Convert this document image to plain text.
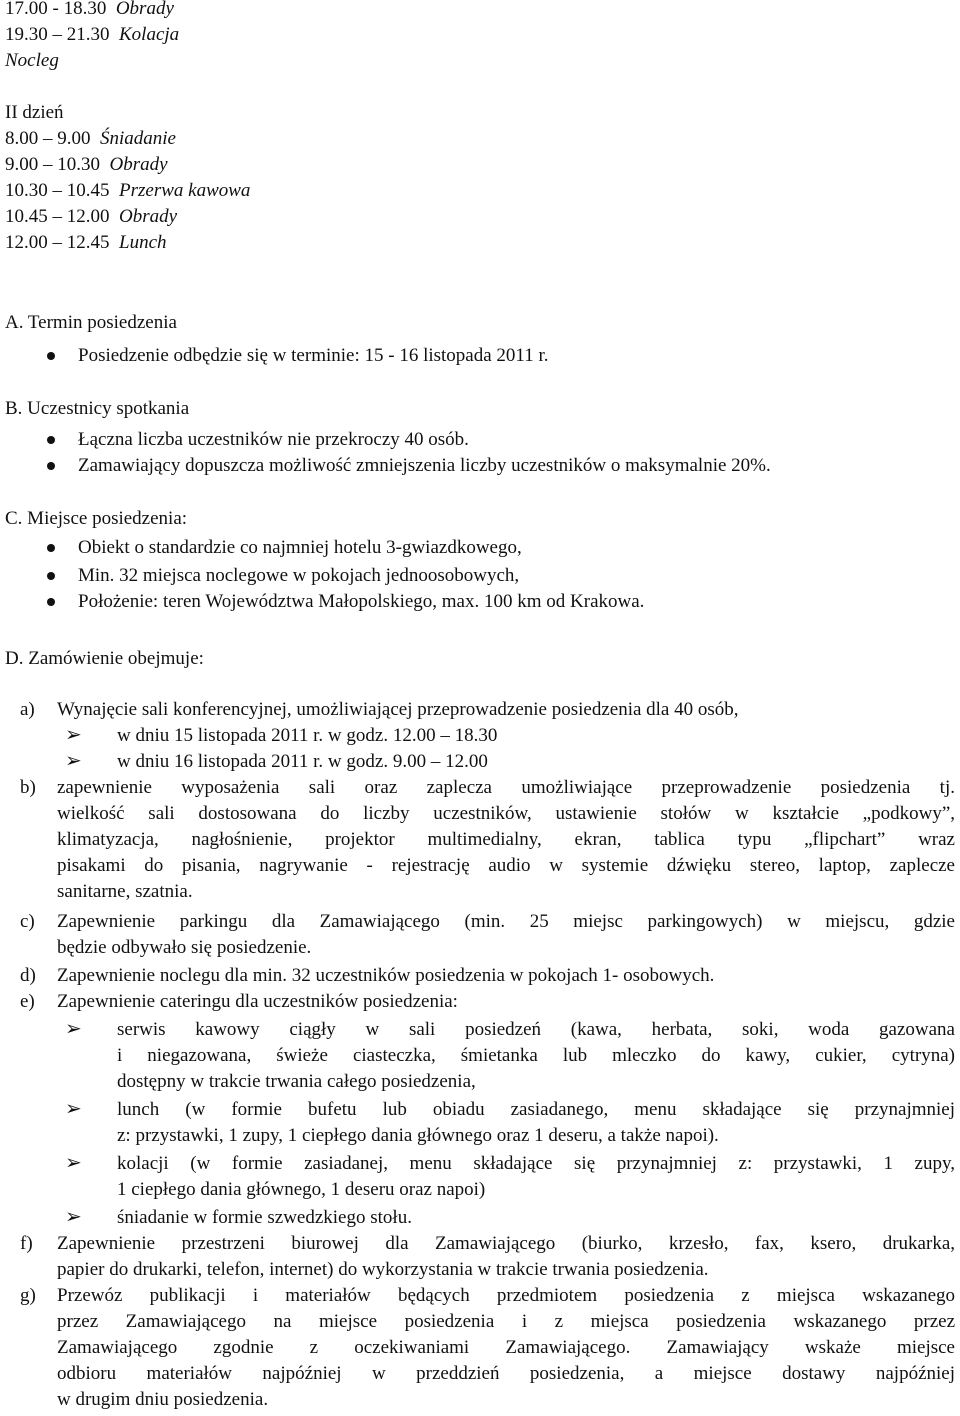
17.00 - 18.30 Obrady
19.30 – 21.30 Kolacja
Nocleg
II dzień
8.00 – 9.00 Śniadanie
9.00 – 10.30 Obrady
10.30 – 10.45 Przerwa kawowa
10.45 – 12.00 Obrady
12.00 – 12.45 Lunch
A. Termin posiedzenia
Posiedzenie odbędzie się w terminie: 15 - 16 listopada 2011 r.
B. Uczestnicy spotkania
Łączna liczba uczestników nie przekroczy 40 osób.
Zamawiający dopuszcza możliwość zmniejszenia liczby uczestników o maksymalnie 20%.
C. Miejsce posiedzenia:
Obiekt o standardzie co najmniej hotelu 3-gwiazdkowego,
Min. 32 miejsca noclegowe w pokojach jednoosobowych,
Położenie: teren Województwa Małopolskiego, max. 100 km od Krakowa.
D. Zamówienie obejmuje:
a) Wynajęcie sali konferencyjnej, umożliwiającej przeprowadzenie posiedzenia dla 40 osób,
➢ w dniu 15 listopada 2011 r. w godz. 12.00 – 18.30
➢ w dniu 16 listopada 2011 r. w godz. 9.00 – 12.00
b) zapewnienie wyposażenia sali oraz zaplecza umożliwiające przeprowadzenie posiedzenia tj.
wielkość sali dostosowana do liczby uczestników, ustawienie stołów w kształcie „podkowy”,
klimatyzacja, nagłośnienie, projektor multimedialny, ekran, tablica typu „flipchart” wraz
pisakami do pisania, nagrywanie - rejestrację audio w systemie dźwięku stereo, laptop, zaplecze
sanitarne, szatnia.
c) Zapewnienie parkingu dla Zamawiającego (min. 25 miejsc parkingowych) w miejscu, gdzie
będzie odbywało się posiedzenie.
d) Zapewnienie noclegu dla min. 32 uczestników posiedzenia w pokojach 1- osobowych.
e) Zapewnienie cateringu dla uczestników posiedzenia:
➢ serwis kawowy ciągły w sali posiedzeń (kawa, herbata, soki, woda gazowana
i niegazowana, świeże ciasteczka, śmietanka lub mleczko do kawy, cukier, cytryna)
dostępny w trakcie trwania całego posiedzenia,
➢ lunch (w formie bufetu lub obiadu zasiadanego, menu składające się przynajmniej
z: przystawki, 1 zupy, 1 ciepłego dania głównego oraz 1 deseru, a także napoi).
➢ kolacji (w formie zasiadanej, menu składające się przynajmniej z: przystawki, 1 zupy,
1 ciepłego dania głównego, 1 deseru oraz napoi)
➢ śniadanie w formie szwedzkiego stołu.
f) Zapewnienie przestrzeni biurowej dla Zamawiającego (biurko, krzesło, fax, ksero, drukarka,
papier do drukarki, telefon, internet) do wykorzystania w trakcie trwania posiedzenia.
g) Przewóz publikacji i materiałów będących przedmiotem posiedzenia z miejsca wskazanego
przez Zamawiającego na miejsce posiedzenia i z miejsca posiedzenia wskazanego przez
Zamawiającego zgodnie z oczekiwaniami Zamawiającego. Zamawiający wskaże miejsce
odbioru materiałów najpóźniej w przeddzień posiedzenia, a miejsce dostawy najpóźniej
w drugim dniu posiedzenia.
